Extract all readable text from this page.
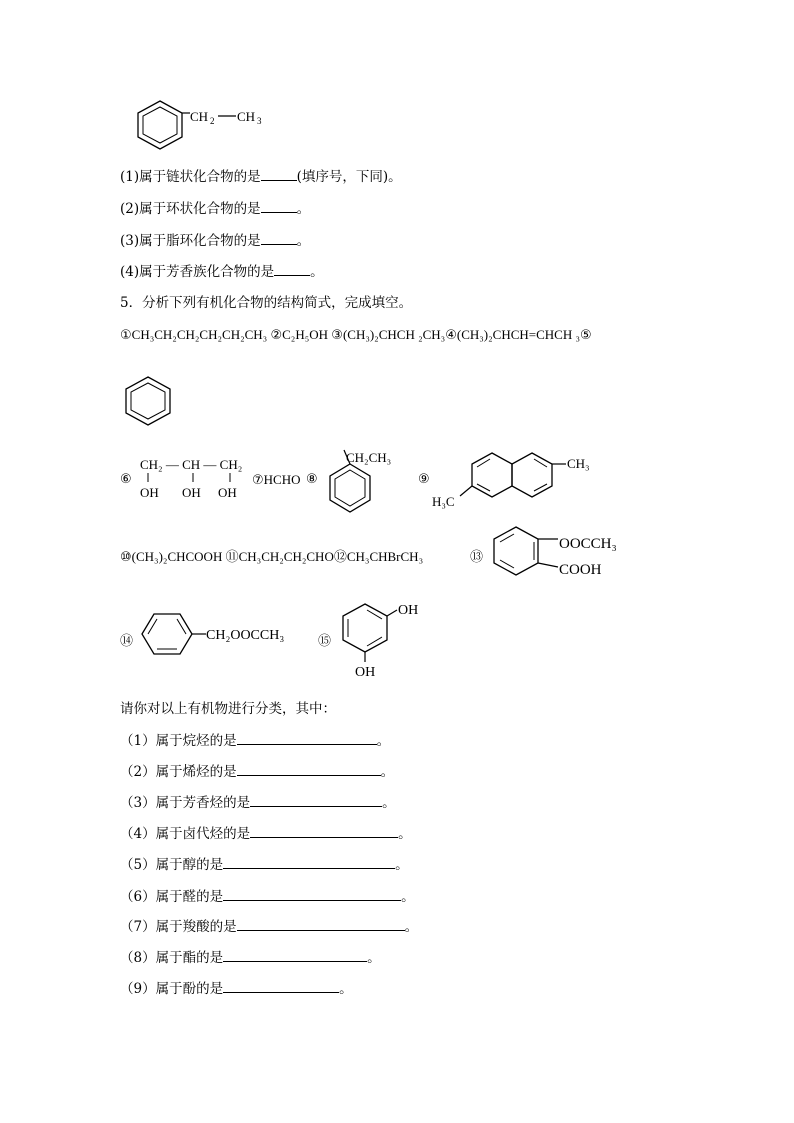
CH 2 CH 3
(1)属于链状化合物的是	(填序号，下同)。
(2)属于环状化合物的是	。
(3)属于脂环化合物的是	。
(4)属于芳香族化合物的是	。
5．分析下列有机化合物的结构简式，完成填空。
①CH₃CH₂CH₂CH₂CH₂CH₃ ②C₂H₅OH ③(CH₃)₂CHCH ₂CH₃④(CH₃)₂CHCH=CHCH ₃⑤
⑥
CH₂ — CH — CH₂
OH OH OH
⑦HCHO ⑧
CH₂CH₃
⑨
CH₃
H₃C
⑩(CH₃)₂CHCOOH ⑪CH₃CH₂CH₂CHO⑫CH₃CHBrCH₃	⑬
OOCCH₃
COOH
⑭	CH₂OOCCH₃	⑮
OH
OH
请你对以上有机物进行分类，其中：
（1）属于烷烃的是	。
（2）属于烯烃的是	。
（3）属于芳香烃的是	。
（4）属于卤代烃的是	。
（5）属于醇的是	。
（6）属于醛的是	。
（7）属于羧酸的是	。
（8）属于酯的是	。
（9）属于酚的是	。
